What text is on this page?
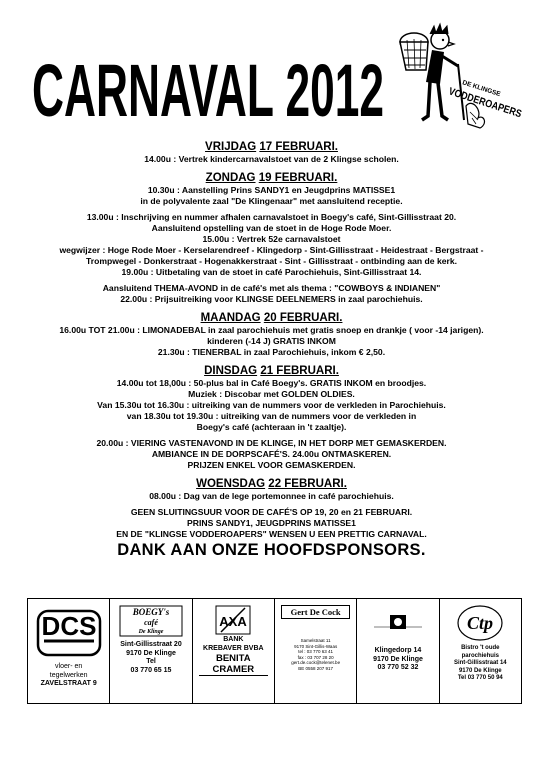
CARNAVAL 2012	DE KLINGSE
VODDEROAPERS

VRIJDAG 17 FEBRUARI.

14.00u : Vertrek kindercarnavalstoet van de 2 Klingse scholen.

ZONDAG 19 FEBRUARI.

10.30u : Aanstelling Prins SANDY1 en Jeugdprins MATISSE1

in de polyvalente zaal "De Klingenaar" met aansluitend receptie.

13.00u : Inschrijving en nummer afhalen carnavalstoet in Boegy's café, Sint-Gillisstraat 20.

Aansluitend opstelling van de stoet in de Hoge Rode Moer.

15.00u : Vertrek 52e carnavalstoet

wegwijzer : Hoge Rode Moer - Kerselarendreef - Klingedorp - Sint-Gillisstraat - Heidestraat - Bergstraat -

Trompwegel - Donkerstraat - Hogenakkerstraat - Sint - Gillisstraat - ontbinding aan de kerk.

19.00u : Uitbetaling van de stoet in café Parochiehuis, Sint-Gillisstraat 14.

Aansluitend THEMA-AVOND in de café's met als thema : "COWBOYS & INDIANEN"

22.00u : Prijsuitreiking voor KLINGSE DEELNEMERS in zaal parochiehuis.

MAANDAG 20 FEBRUARI.

16.00u TOT 21.00u : LIMONADEBAL in zaal parochiehuis met gratis snoep en drankje ( voor -14 jarigen).

kinderen (-14 J) GRATIS INKOM

21.30u : TIENERBAL in zaal Parochiehuis, inkom € 2,50.

DINSDAG 21 FEBRUARI.

14.00u tot 18,00u : 50-plus bal in Café Boegy's. GRATIS INKOM en broodjes.

Muziek : Discobar met GOLDEN OLDIES.

Van 15.30u tot 16.30u : uitreiking van de nummers voor de verkleden in Parochiehuis.

van 18.30u tot 19.30u : uitreiking van de nummers voor de verkleden in

Boegy's café (achteraan in 't zaaltje).

20.00u : VIERING VASTENAVOND IN DE KLINGE, IN HET DORP MET GEMASKERDEN.

AMBIANCE IN DE DORPSCAFÉ'S. 24.00u ONTMASKEREN.

PRIJZEN ENKEL VOOR GEMASKERDEN.

WOENSDAG 22 FEBRUARI.

08.00u : Dag van de lege portemonnee in café parochiehuis.

GEEN SLUITINGSUUR VOOR DE CAFÉ'S OP 19, 20 en 21 FEBRUARI.

PRINS SANDY1, JEUGDPRINS MATISSE1

EN DE "KLINGSE VODDEROAPERS" WENSEN U EEN PRETTIG CARNAVAL.

DANK AAN ONZE HOOFDSPONSORS.

DCS
vloer- en
tegelwerken
ZAVELSTRAAT 9
BOEGY's
café
De Klinge
Sint-Gillisstraat 20
9170 De Klinge
Tel
03 770 65 15
AXA
BANK
KREBAVER BVBA
BENITA CRAMER
Gert De Cock
Samelstraat 11
9170 Sint-Gillis-Waas
tel : 03 770 63 41
fax : 03 707 28 20
gert.de.cock@telenet.be
BE 0558 207 917
Klingedorp 14
9170 De Klinge
03 770 52 32
Ctp
Bistro 't oude
parochiehuis
Sint-Gillisstraat 14
9170 De Klinge
Tel 03 770 50 94
